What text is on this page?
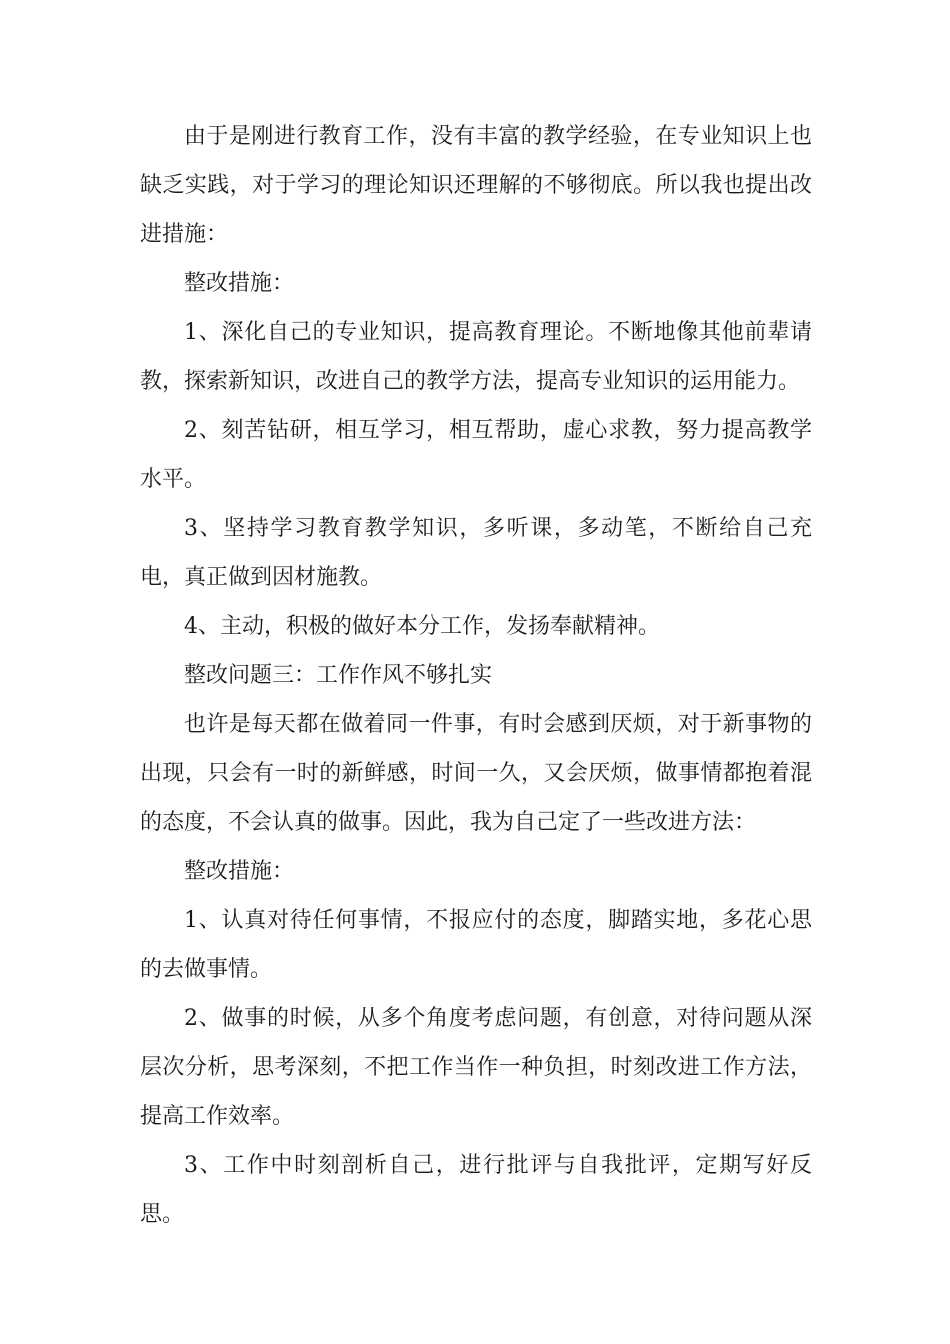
由于是刚进行教育工作，没有丰富的教学经验，在专业知识上也缺乏实践，对于学习的理论知识还理解的不够彻底。所以我也提出改进措施：

整改措施：

1、深化自己的专业知识，提高教育理论。不断地像其他前辈请教，探索新知识，改进自己的教学方法，提高专业知识的运用能力。

2、刻苦钻研，相互学习，相互帮助，虚心求教，努力提高教学水平。

3、坚持学习教育教学知识，多听课，多动笔，不断给自己充电，真正做到因材施教。

4、主动，积极的做好本分工作，发扬奉献精神。

整改问题三：工作作风不够扎实

也许是每天都在做着同一件事，有时会感到厌烦，对于新事物的出现，只会有一时的新鲜感，时间一久，又会厌烦，做事情都抱着混的态度，不会认真的做事。因此，我为自己定了一些改进方法：

整改措施：

1、认真对待任何事情，不报应付的态度，脚踏实地，多花心思的去做事情。

2、做事的时候，从多个角度考虑问题，有创意，对待问题从深层次分析，思考深刻，不把工作当作一种负担，时刻改进工作方法，提高工作效率。

3、工作中时刻剖析自己，进行批评与自我批评，定期写好反思。
